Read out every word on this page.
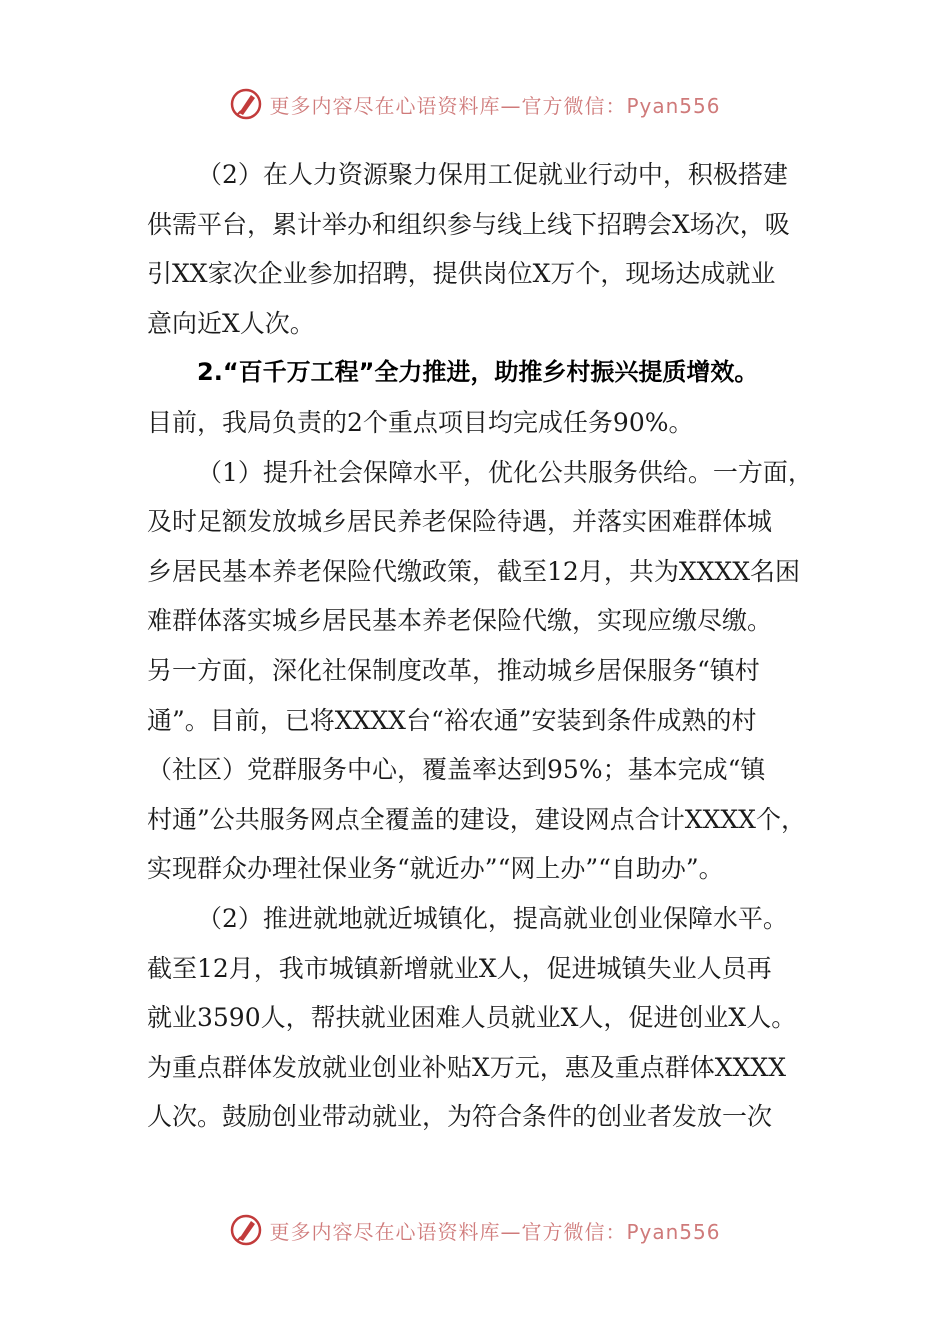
更多内容尽在心语资料库—官方微信：Pyan556
（2）在人力资源聚力保用工促就业行动中，积极搭建
供需平台，累计举办和组织参与线上线下招聘会X场次，吸
引XX家次企业参加招聘，提供岗位X万个，现场达成就业
意向近X人次。
2.“百千万工程”全力推进，助推乡村振兴提质增效。
目前，我局负责的2个重点项目均完成任务90%。
（1）提升社会保障水平，优化公共服务供给。一方面，
及时足额发放城乡居民养老保险待遇，并落实困难群体城
乡居民基本养老保险代缴政策，截至12月，共为XXXX名困
难群体落实城乡居民基本养老保险代缴，实现应缴尽缴。
另一方面，深化社保制度改革，推动城乡居保服务“镇村
通”。目前，已将XXXX台“裕农通”安装到条件成熟的村
（社区）党群服务中心，覆盖率达到95%；基本完成“镇
村通”公共服务网点全覆盖的建设，建设网点合计XXXX个，
实现群众办理社保业务“就近办”“网上办”“自助办”。
（2）推进就地就近城镇化，提高就业创业保障水平。
截至12月，我市城镇新增就业X人，促进城镇失业人员再
就业3590人，帮扶就业困难人员就业X人，促进创业X人。
为重点群体发放就业创业补贴X万元，惠及重点群体XXXX
人次。鼓励创业带动就业，为符合条件的创业者发放一次
更多内容尽在心语资料库—官方微信：Pyan556
